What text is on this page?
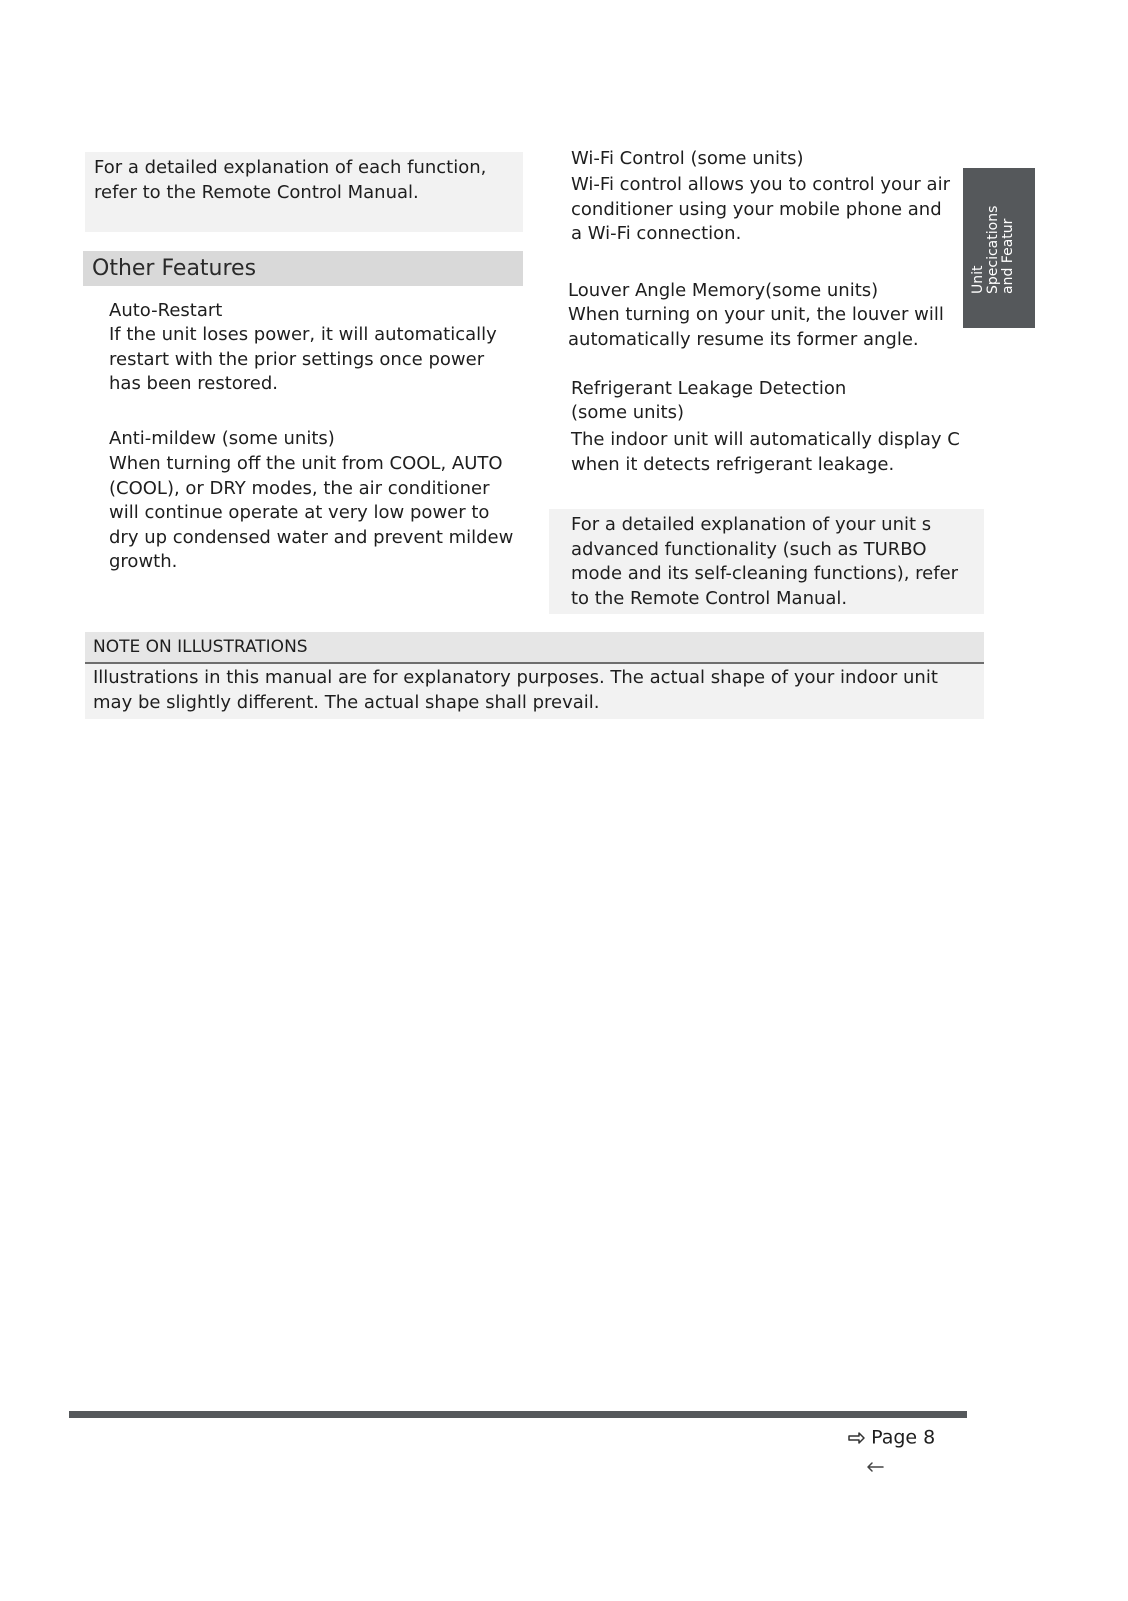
For a detailed explanation of each function, refer to the Remote Control Manual.
Other Features
Auto-Restart
If the unit loses power, it will automatically restart with the prior settings once power has been restored.
Anti-mildew (some units)
When turning off the unit from COOL, AUTO (COOL), or DRY modes, the air conditioner will continue operate at very low power to dry up condensed water and prevent mildew growth.
Wi-Fi Control (some units)
Wi-Fi control allows you to control your air conditioner using your mobile phone and a Wi-Fi connection.
Louver Angle Memory(some units)
When turning on your unit, the louver will automatically resume its former angle.
Refrigerant Leakage Detection (some units)
The indoor unit will automatically display C when it detects refrigerant leakage.
For a detailed explanation of your unit s advanced functionality (such as TURBO mode and its self-cleaning functions), refer to the Remote Control Manual.
Unit Specications and Featur
NOTE ON ILLUSTRATIONS
Illustrations in this manual are for explanatory purposes. The actual shape of your indoor unit may be slightly different. The actual shape shall prevail.
Page 8
